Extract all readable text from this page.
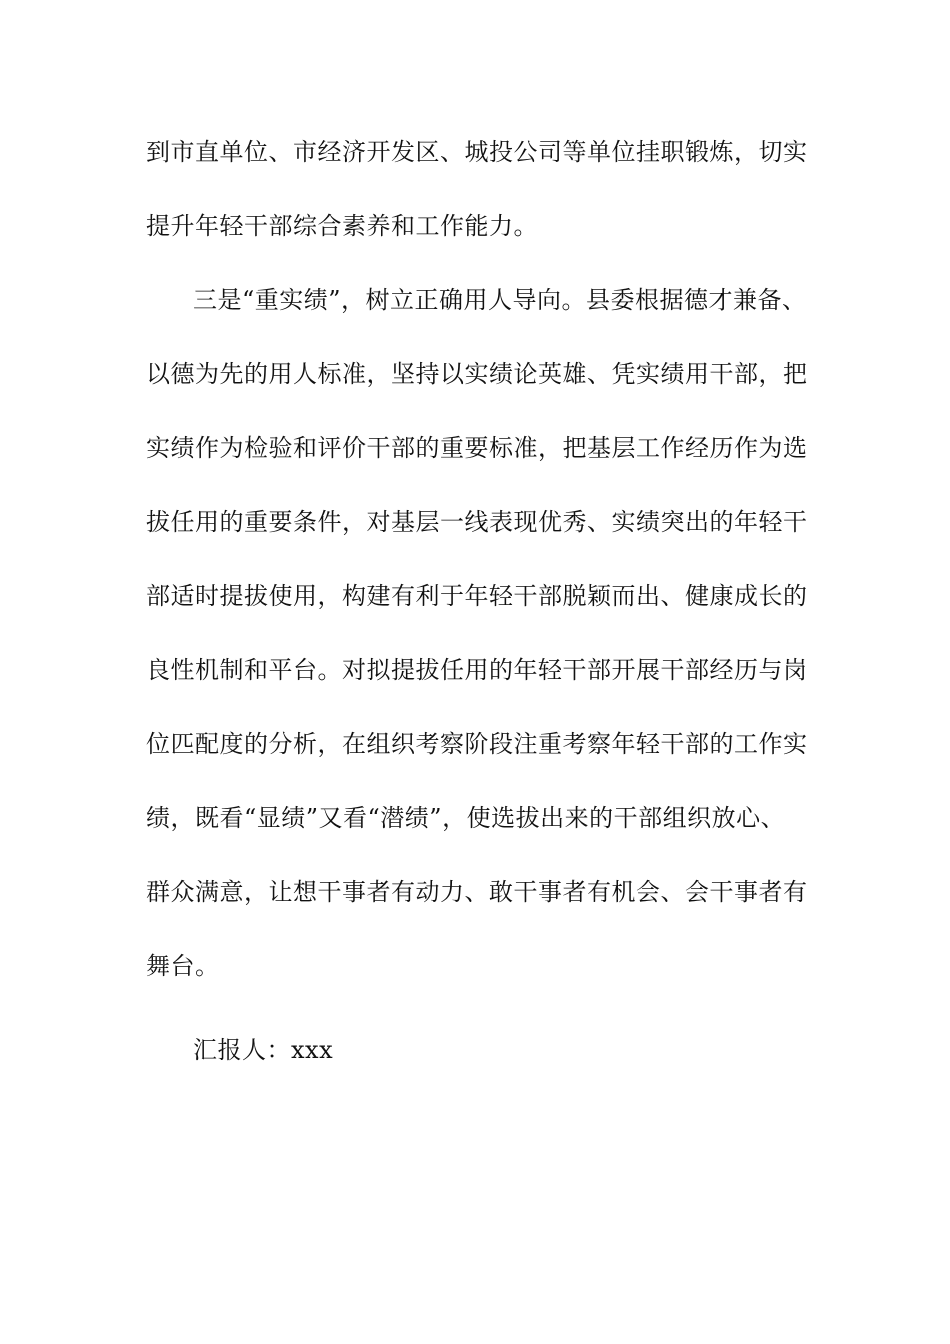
到市直单位、市经济开发区、城投公司等单位挂职锻炼，切实
提升年轻干部综合素养和工作能力。
三是“重实绩”，树立正确用人导向。县委根据德才兼备、
以德为先的用人标准，坚持以实绩论英雄、凭实绩用干部，把
实绩作为检验和评价干部的重要标准，把基层工作经历作为选
拔任用的重要条件，对基层一线表现优秀、实绩突出的年轻干
部适时提拔使用，构建有利于年轻干部脱颖而出、健康成长的
良性机制和平台。对拟提拔任用的年轻干部开展干部经历与岗
位匹配度的分析，在组织考察阶段注重考察年轻干部的工作实
绩，既看“显绩”又看“潜绩”，使选拔出来的干部组织放心、
群众满意，让想干事者有动力、敢干事者有机会、会干事者有
舞台。
汇报人：xxx
